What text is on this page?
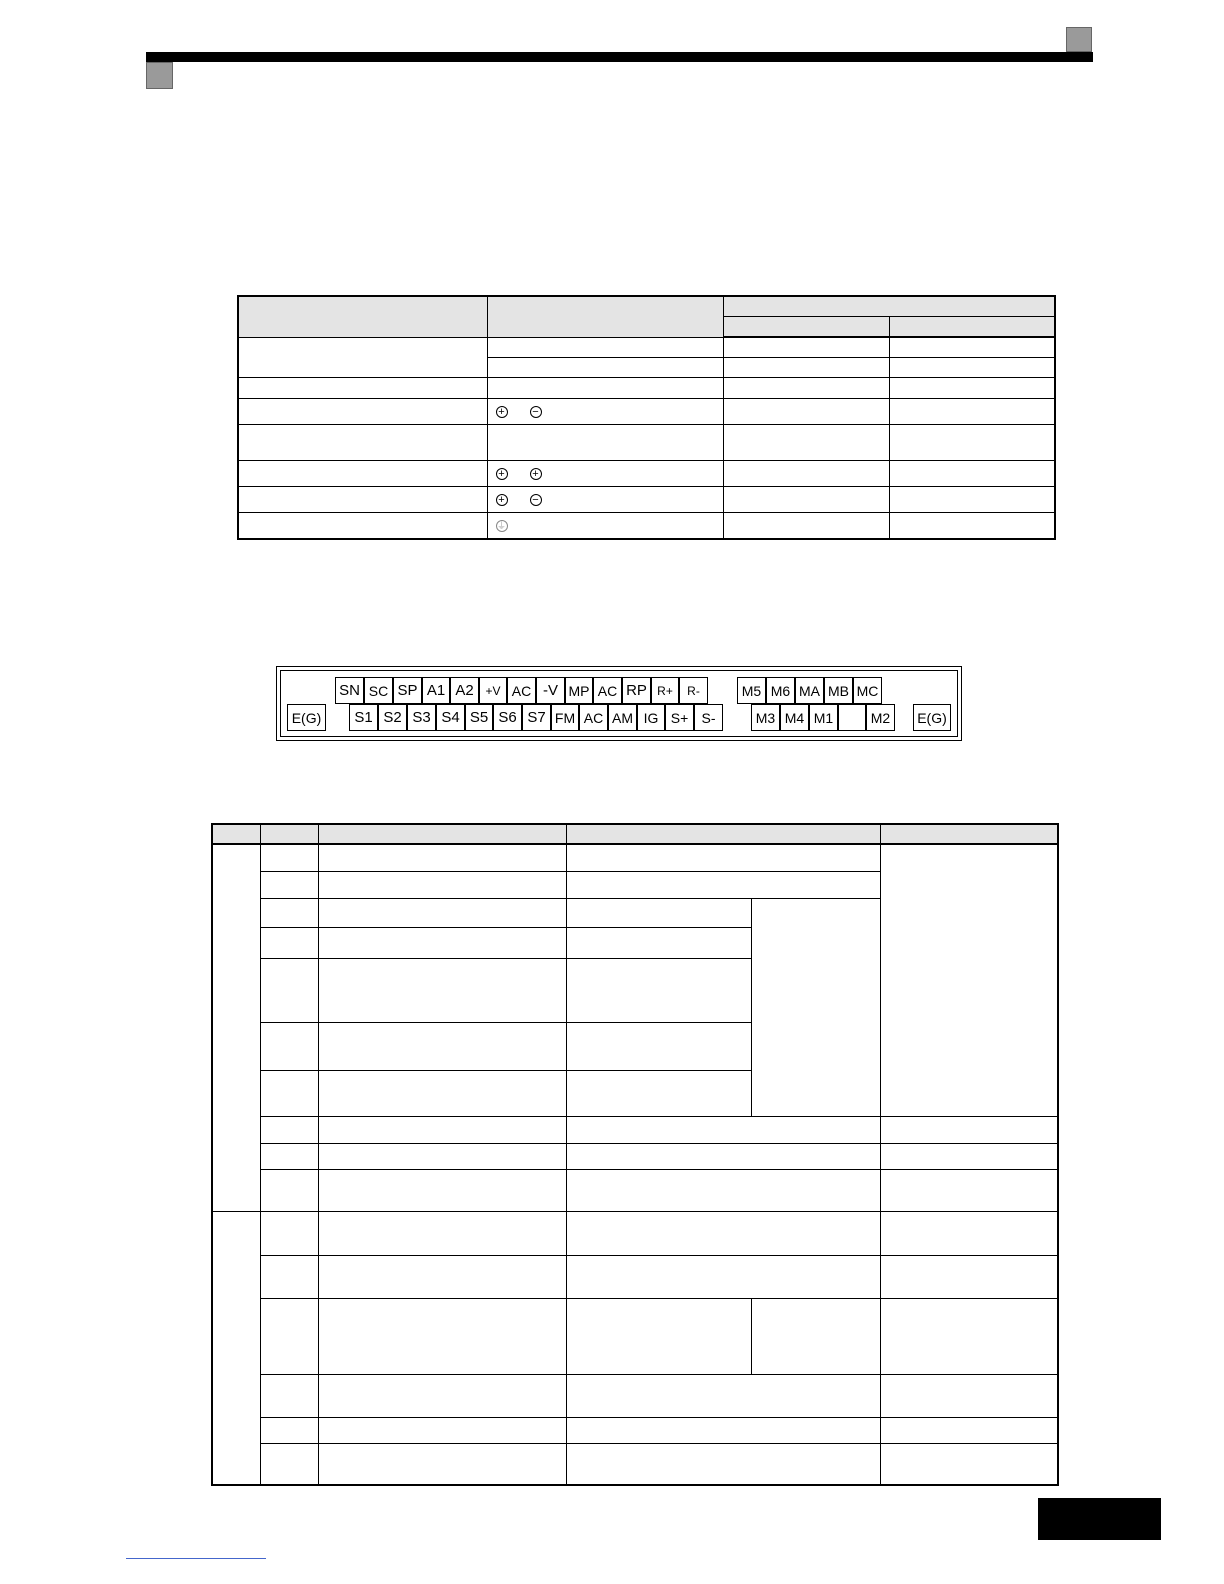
	+ −		

	+ +		
	+ −		
	⏚		
SN SC SP A1 A2 +V AC -V MP AC RP R+	R-	M5 M6 MA MB MC
S1 S2 S3 S4 S5 S6 S7 FM AC AM IG S+ S-	M3 M4 M1	M2
E(G)	E(G)
